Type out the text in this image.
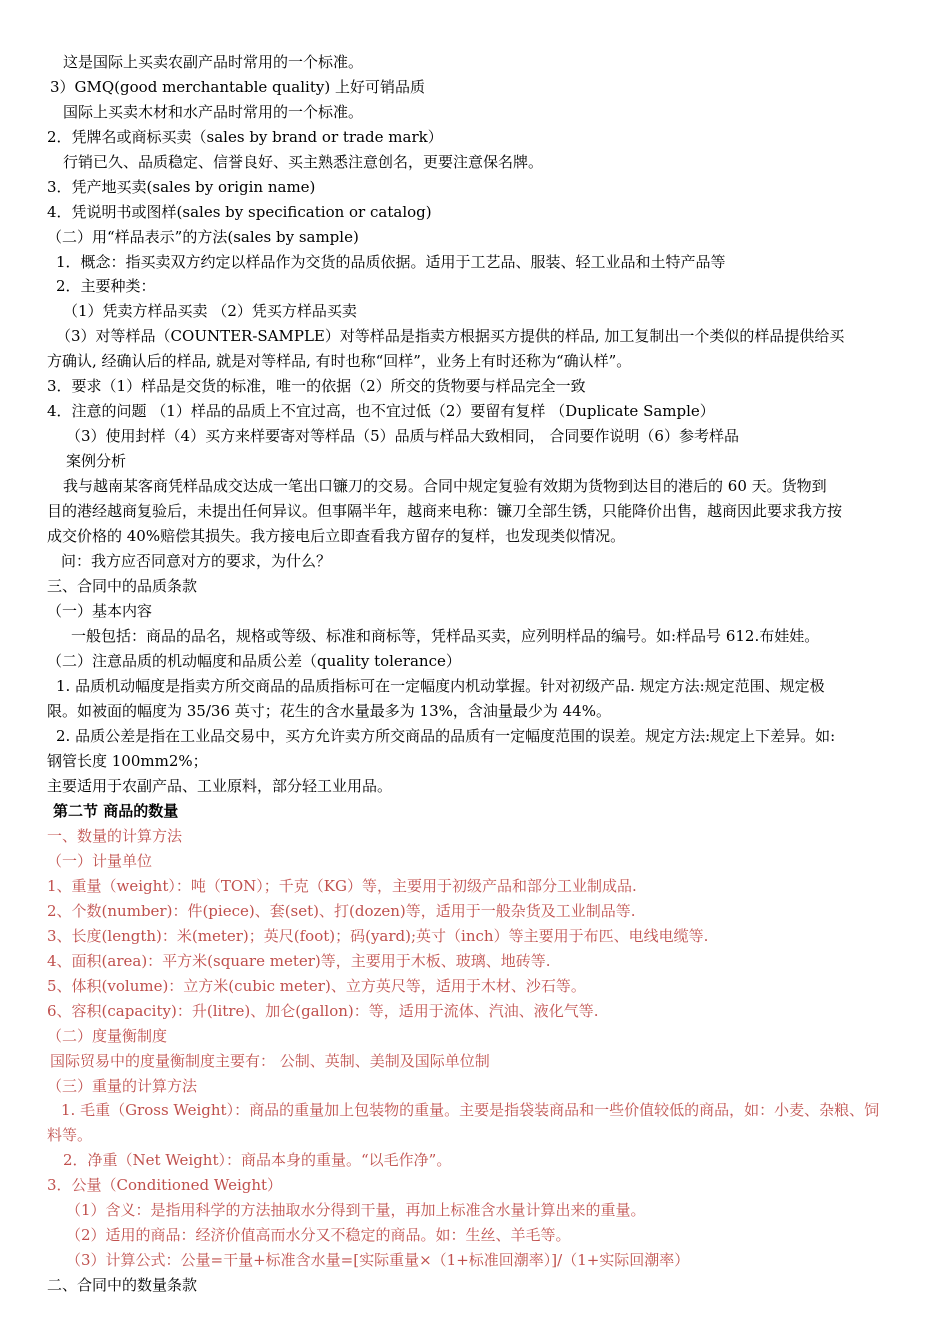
这是国际上买卖农副产品时常用的一个标准。
3）GMQ(good merchantable quality) 上好可销品质
国际上买卖木材和水产品时常用的一个标准。
2．凭牌名或商标买卖（sales by brand or trade mark）
行销已久、品质稳定、信誉良好、买主熟悉注意创名，更要注意保名牌。
3．凭产地买卖(sales by origin name)
4．凭说明书或图样(sales by specification or catalog)
（二）用“样品表示”的方法(sales by sample)
1．概念：指买卖双方约定以样品作为交货的品质依据。适用于工艺品、服装、轻工业品和土特产品等
2．主要种类：
（1）凭卖方样品买卖 （2）凭买方样品买卖
（3）对等样品（COUNTER-SAMPLE）对等样品是指卖方根据买方提供的样品, 加工复制出一个类似的样品提供给买
方确认, 经确认后的样品, 就是对等样品, 有时也称“回样”，业务上有时还称为“确认样”。
3．要求（1）样品是交货的标准，唯一的依据（2）所交的货物要与样品完全一致
4．注意的问题 （1）样品的品质上不宜过高，也不宜过低（2）要留有复样 （Duplicate Sample）
（3）使用封样（4）买方来样要寄对等样品（5）品质与样品大致相同， 合同要作说明（6）参考样品
案例分析
我与越南某客商凭样品成交达成一笔出口镰刀的交易。合同中规定复验有效期为货物到达目的港后的 60 天。货物到
目的港经越商复验后，未提出任何异议。但事隔半年，越商来电称：镰刀全部生锈，只能降价出售，越商因此要求我方按
成交价格的 40%赔偿其损失。我方接电后立即查看我方留存的复样，也发现类似情况。
问：我方应否同意对方的要求，为什么？
三、合同中的品质条款
（一）基本内容
一般包括：商品的品名，规格或等级、标准和商标等，凭样品买卖，应列明样品的编号。如:样品号 612.布娃娃。
（二）注意品质的机动幅度和品质公差（quality tolerance）
1. 品质机动幅度是指卖方所交商品的品质指标可在一定幅度内机动掌握。针对初级产品. 规定方法:规定范围、规定极
限。如被面的幅度为 35/36 英寸；花生的含水量最多为 13%，含油量最少为 44%。
2. 品质公差是指在工业品交易中，买方允许卖方所交商品的品质有一定幅度范围的误差。规定方法:规定上下差异。如:
钢管长度 100mm2%；
主要适用于农副产品、工业原料，部分轻工业用品。
第二节 商品的数量
一、数量的计算方法
（一）计量单位
1、重量（weight）：吨（TON）；千克（KG）等，主要用于初级产品和部分工业制成品.
2、个数(number)：件(piece)、套(set)、打(dozen)等，适用于一般杂货及工业制品等.
3、长度(length)：米(meter)；英尺(foot)；码(yard);英寸（inch）等主要用于布匹、电线电缆等.
4、面积(area)：平方米(square meter)等，主要用于木板、玻璃、地砖等.
5、体积(volume)：立方米(cubic meter)、立方英尺等，适用于木材、沙石等。
6、容积(capacity)：升(litre)、加仑(gallon)：等，适用于流体、汽油、液化气等.
（二）度量衡制度
国际贸易中的度量衡制度主要有： 公制、英制、美制及国际单位制
（三）重量的计算方法
1. 毛重（Gross Weight）：商品的重量加上包装物的重量。主要是指袋装商品和一些价值较低的商品，如：小麦、杂粮、饲
料等。
2．净重（Net Weight）：商品本身的重量。“以毛作净”。
3．公量（Conditioned Weight）
（1）含义：是指用科学的方法抽取水分得到干量，再加上标准含水量计算出来的重量。
（2）适用的商品：经济价值高而水分又不稳定的商品。如：生丝、羊毛等。
（3）计算公式：公量=干量+标准含水量=[实际重量×（1+标准回潮率）]/（1+实际回潮率）
二、合同中的数量条款
